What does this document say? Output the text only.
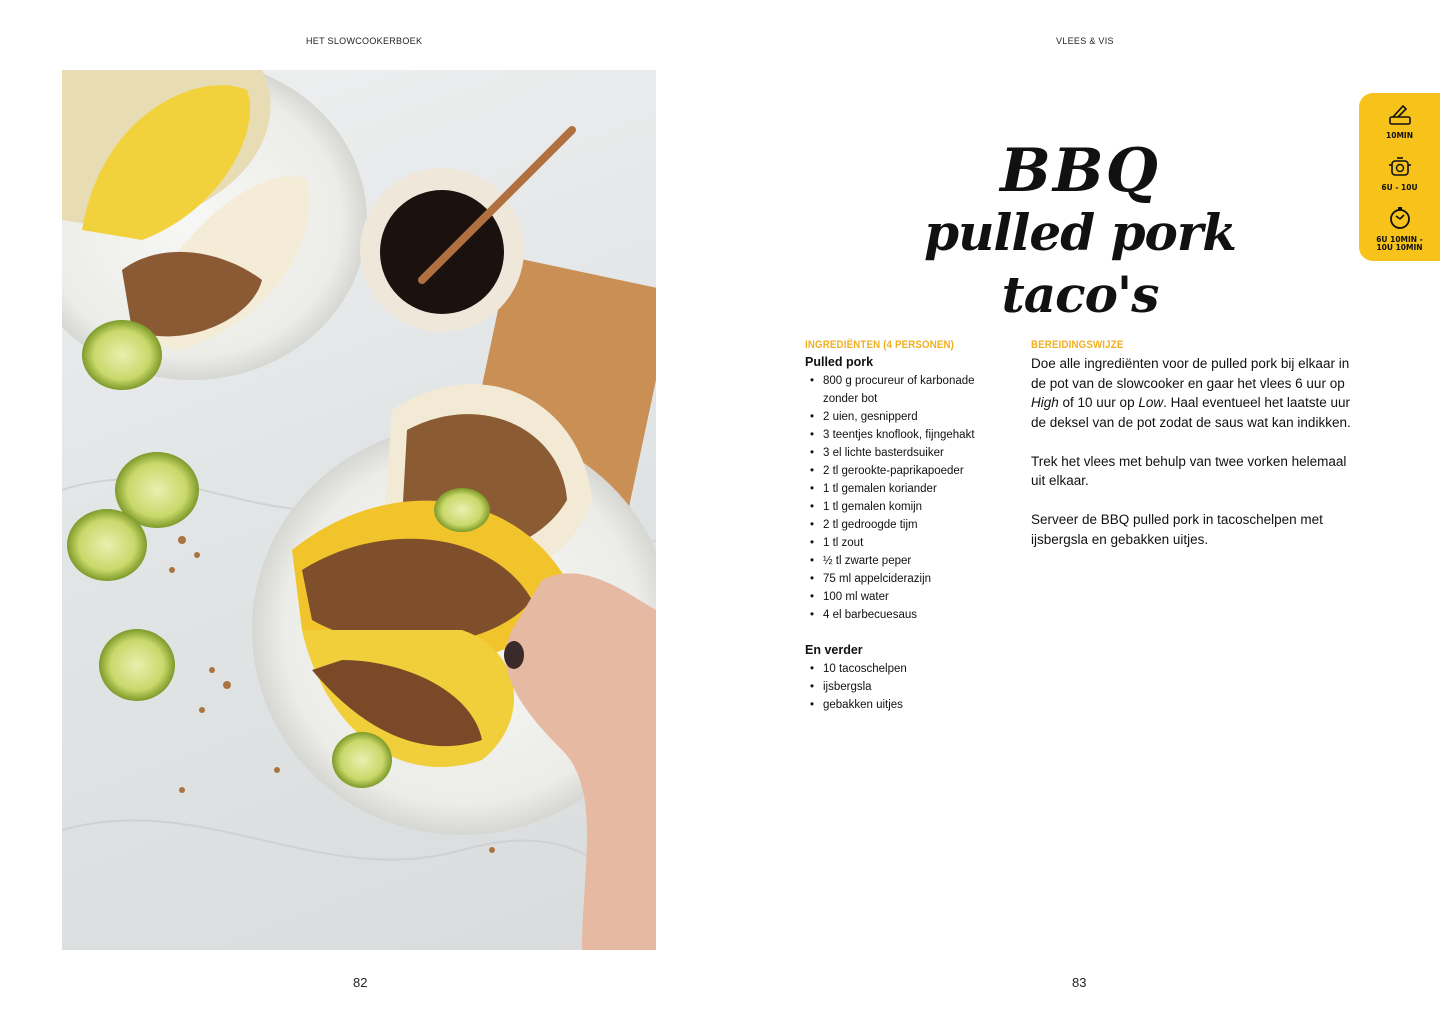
HET SLOWCOOKERBOEK	VLEES & VIS
10MIN
6U - 10U
6U 10MIN -
10U 10MIN
BBQ
pulled pork taco's
INGREDIËNTEN (4 PERSONEN)
Pulled pork
• 800 g procureur of karbonade zonder bot
• 2 uien, gesnipperd
• 3 teentjes knoflook, fijngehakt
• 3 el lichte basterdsuiker
• 2 tl gerookte-paprikapoeder
• 1 tl gemalen koriander
• 1 tl gemalen komijn
• 2 tl gedroogde tijm
• 1 tl zout
• ½ tl zwarte peper
• 75 ml appelciderazijn
• 100 ml water
• 4 el barbecuesaus
En verder
• 10 tacoschelpen
• ijsbergsla
• gebakken uitjes
BEREIDINGSWIJZE

Doe alle ingrediënten voor de pulled pork bij elkaar in de pot van de slowcooker en gaar het vlees 6 uur op High of 10 uur op Low. Haal eventueel het laatste uur de deksel van de pot zodat de saus wat kan indikken.

Trek het vlees met behulp van twee vorken helemaal uit elkaar.

Serveer de BBQ pulled pork in tacoschelpen met ijsbergsla en gebakken uitjes.

82	83
